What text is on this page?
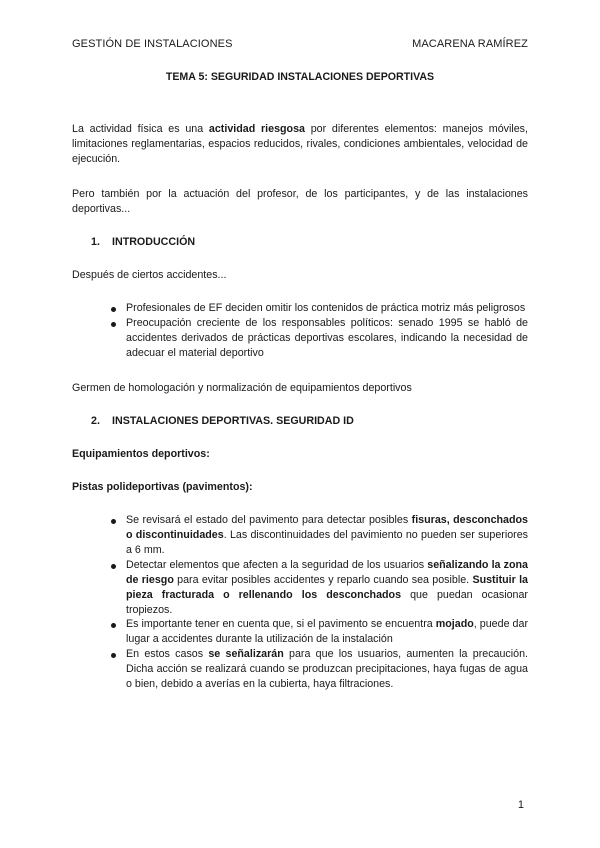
GESTIÓN DE INSTALACIONES	MACARENA RAMÍREZ
TEMA 5: SEGURIDAD INSTALACIONES DEPORTIVAS

La actividad física es una actividad riesgosa por diferentes elementos: manejos móviles, limitaciones reglamentarias, espacios reducidos, rivales, condiciones ambientales, velocidad de ejecución.

Pero también por la actuación del profesor, de los participantes, y de las instalaciones deportivas...

1. INTRODUCCIÓN

Después de ciertos accidentes...

Profesionales de EF deciden omitir los contenidos de práctica motriz más peligrosos
Preocupación creciente de los responsables políticos: senado 1995 se habló de accidentes derivados de prácticas deportivas escolares, indicando la necesidad de adecuar el material deportivo

Germen de homologación y normalización de equipamientos deportivos

2. INSTALACIONES DEPORTIVAS. SEGURIDAD ID
Equipamientos deportivos:
Pistas polideportivas (pavimentos):
Se revisará el estado del pavimento para detectar posibles fisuras, desconchados o discontinuidades. Las discontinuidades del pavimiento no pueden ser superiores a 6 mm.
Detectar elementos que afecten a la seguridad de los usuarios señalizando la zona de riesgo para evitar posibles accidentes y reparlo cuando sea posible. Sustituir la pieza fracturada o rellenando los desconchados que puedan ocasionar tropiezos.
Es importante tener en cuenta que, si el pavimento se encuentra mojado, puede dar lugar a accidentes durante la utilización de la instalación
En estos casos se señalizarán para que los usuarios, aumenten la precaución. Dicha acción se realizará cuando se produzcan precipitaciones, haya fugas de agua o bien, debido a averías en la cubierta, haya filtraciones.
1
